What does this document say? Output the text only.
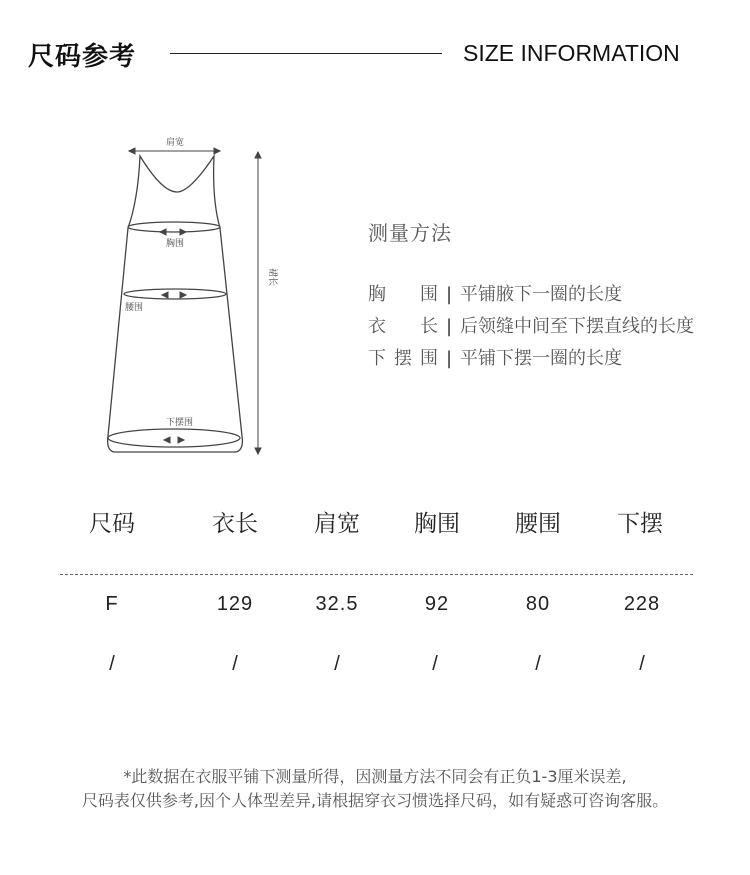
尺码参考	SIZE INFORMATION
肩宽
胸围
腰围
下摆围
裙长
测量方法
胸围 | 平铺腋下一圈的长度
衣长 | 后领缝中间至下摆直线的长度
下摆围 | 平铺下摆一圈的长度
尺码	衣长	肩宽	胸围	腰围	下摆
F	129	32.5	92	80	228
/	/	/	/	/	/
*此数据在衣服平铺下测量所得，因测量方法不同会有正负1-3厘米误差,
尺码表仅供参考,因个人体型差异,请根据穿衣习惯选择尺码，如有疑惑可咨询客服。
